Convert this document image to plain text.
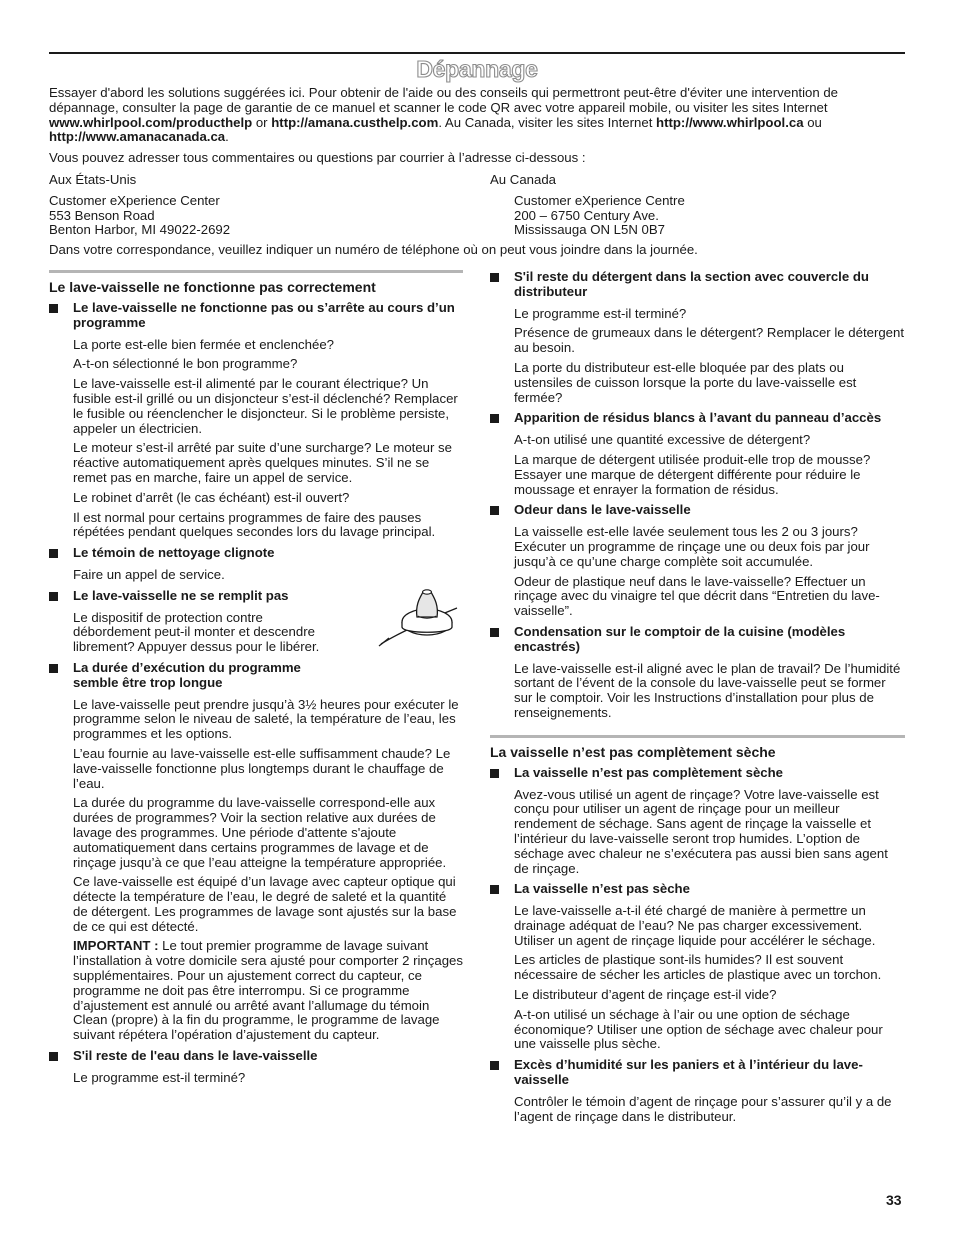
Dépannage

Essayer d'abord les solutions suggérées ici. Pour obtenir de l'aide ou des conseils qui permettront peut-être d'éviter une intervention de dépannage, consulter la page de garantie de ce manuel et scanner le code QR avec votre appareil mobile, ou visiter les sites Internet www.whirlpool.com/producthelp or http://amana.custhelp.com. Au Canada, visiter les sites Internet http://www.whirlpool.ca ou http://www.amanacanada.ca.

Vous pouvez adresser tous commentaires ou questions par courrier à l’adresse ci-dessous :

Aux États-Unis
Customer eXperience Center
553 Benson Road
Benton Harbor, MI 49022-2692
Au Canada
Customer eXperience Centre
200 – 6750 Century Ave.
Mississauga ON L5N 0B7
Dans votre correspondance, veuillez indiquer un numéro de téléphone où on peut vous joindre dans la journée.
Le lave-vaisselle ne fonctionne pas correctement
Le lave-vaisselle ne fonctionne pas ou s’arrête au cours d’un programme

La porte est-elle bien fermée et enclenchée?

A-t-on sélectionné le bon programme?

Le lave-vaisselle est-il alimenté par le courant électrique? Un fusible est-il grillé ou un disjoncteur s’est-il déclenché? Remplacer le fusible ou réenclencher le disjoncteur. Si le problème persiste, appeler un électricien.

Le moteur s’est-il arrêté par suite d’une surcharge? Le moteur se réactive automatiquement après quelques minutes. S’il ne se remet pas en marche, faire un appel de service.

Le robinet d’arrêt (le cas échéant) est-il ouvert?

Il est normal pour certains programmes de faire des pauses répétées pendant quelques secondes lors du lavage principal.

Le témoin de nettoyage clignote

Faire un appel de service.

Le lave-vaisselle ne se remplit pas

Le dispositif de protection contre débordement peut-il monter et descendre librement? Appuyer dessus pour le libérer.

La durée d’exécution du programme semble être trop longue

Le lave-vaisselle peut prendre jusqu’à 3½ heures pour exécuter le programme selon le niveau de saleté, la température de l’eau, les programmes et les options.

L’eau fournie au lave-vaisselle est-elle suffisamment chaude? Le lave-vaisselle fonctionne plus longtemps durant le chauffage de l’eau.

La durée du programme du lave-vaisselle correspond-elle aux durées de programmes? Voir la section relative aux durées de lavage des programmes. Une période d'attente s'ajoute automatiquement dans certains programmes de lavage et de rinçage jusqu’à ce que l’eau atteigne la température appropriée.

Ce lave-vaisselle est équipé d’un lavage avec capteur optique qui détecte la température de l’eau, le degré de saleté et la quantité de détergent. Les programmes de lavage sont ajustés sur la base de ce qui est détecté.

IMPORTANT : Le tout premier programme de lavage suivant l’installation à votre domicile sera ajusté pour comporter 2 rinçages supplémentaires. Pour un ajustement correct du capteur, ce programme ne doit pas être interrompu. Si ce programme d’ajustement est annulé ou arrêté avant l’allumage du témoin Clean (propre) à la fin du programme, le programme de lavage suivant répétera l’opération d’ajustement du capteur.

S'il reste de l'eau dans le lave-vaisselle

Le programme est-il terminé?

S'il reste du détergent dans la section avec couvercle du distributeur

Le programme est-il terminé?

Présence de grumeaux dans le détergent? Remplacer le détergent au besoin.

La porte du distributeur est-elle bloquée par des plats ou ustensiles de cuisson lorsque la porte du lave-vaisselle est fermée?

Apparition de résidus blancs à l’avant du panneau d’accès

A-t-on utilisé une quantité excessive de détergent?

La marque de détergent utilisée produit-elle trop de mousse? Essayer une marque de détergent différente pour réduire le moussage et enrayer la formation de résidus.

Odeur dans le lave-vaisselle

La vaisselle est-elle lavée seulement tous les 2 ou 3 jours? Exécuter un programme de rinçage une ou deux fois par jour jusqu’à ce qu’une charge complète soit accumulée.

Odeur de plastique neuf dans le lave-vaisselle? Effectuer un rinçage avec du vinaigre tel que décrit dans “Entretien du lave-vaisselle”.

Condensation sur le comptoir de la cuisine (modèles encastrés)

Le lave-vaisselle est-il aligné avec le plan de travail? De l’humidité sortant de l’évent de la console du lave-vaisselle peut se former sur le comptoir. Voir les Instructions d’installation pour plus de renseignements.

La vaisselle n’est pas complètement sèche
La vaisselle n’est pas complètement sèche

Avez-vous utilisé un agent de rinçage? Votre lave-vaisselle est conçu pour utiliser un agent de rinçage pour un meilleur rendement de séchage. Sans agent de rinçage la vaisselle et l’intérieur du lave-vaisselle seront trop humides. L’option de séchage avec chaleur ne s’exécutera pas aussi bien sans agent de rinçage.

La vaisselle n’est pas sèche

Le lave-vaisselle a-t-il été chargé de manière à permettre un drainage adéquat de l’eau? Ne pas charger excessivement. Utiliser un agent de rinçage liquide pour accélérer le séchage.

Les articles de plastique sont-ils humides? Il est souvent nécessaire de sécher les articles de plastique avec un torchon.

Le distributeur d’agent de rinçage est-il vide?

A-t-on utilisé un séchage à l’air ou une option de séchage économique? Utiliser une option de séchage avec chaleur pour une vaisselle plus sèche.

Excès d’humidité sur les paniers et à l’intérieur du lave-vaisselle

Contrôler le témoin d’agent de rinçage pour s’assurer qu’il y a de l’agent de rinçage dans le distributeur.

33
